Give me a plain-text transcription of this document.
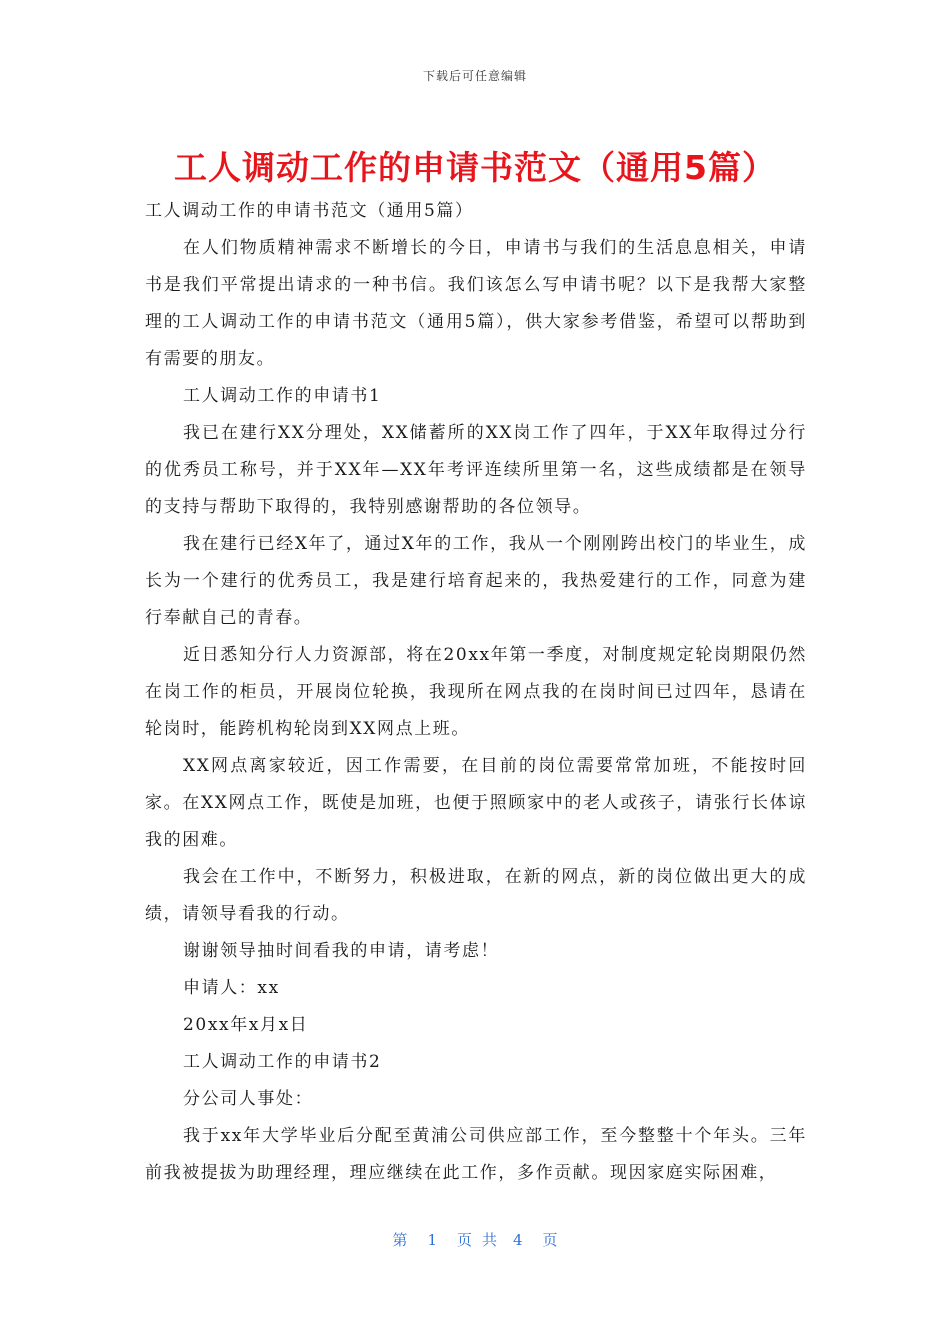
下载后可任意编辑
工人调动工作的申请书范文（通用5篇）

工人调动工作的申请书范文（通用5篇）

在人们物质精神需求不断增长的今日，申请书与我们的生活息息相关，申请书是我们平常提出请求的一种书信。我们该怎么写申请书呢？以下是我帮大家整理的工人调动工作的申请书范文（通用5篇），供大家参考借鉴，希望可以帮助到有需要的朋友。

工人调动工作的申请书1

我已在建行XX分理处，XX储蓄所的XX岗工作了四年，于XX年取得过分行的优秀员工称号，并于XX年—XX年考评连续所里第一名，这些成绩都是在领导的支持与帮助下取得的，我特别感谢帮助的各位领导。

我在建行已经X年了，通过X年的工作，我从一个刚刚跨出校门的毕业生，成长为一个建行的优秀员工，我是建行培育起来的，我热爱建行的工作，同意为建行奉献自己的青春。

近日悉知分行人力资源部，将在20xx年第一季度，对制度规定轮岗期限仍然在岗工作的柜员，开展岗位轮换，我现所在网点我的在岗时间已过四年，恳请在轮岗时，能跨机构轮岗到XX网点上班。

XX网点离家较近，因工作需要，在目前的岗位需要常常加班，不能按时回家。在XX网点工作，既使是加班，也便于照顾家中的老人或孩子，请张行长体谅我的困难。

我会在工作中，不断努力，积极进取，在新的网点，新的岗位做出更大的成绩，请领导看我的行动。

谢谢领导抽时间看我的申请，请考虑！

申请人：xx

20xx年x月x日

工人调动工作的申请书2

分公司人事处：

我于xx年大学毕业后分配至黄浦公司供应部工作，至今整整十个年头。三年前我被提拔为助理经理，理应继续在此工作，多作贡献。现因家庭实际困难，

第 1 页共 4 页
